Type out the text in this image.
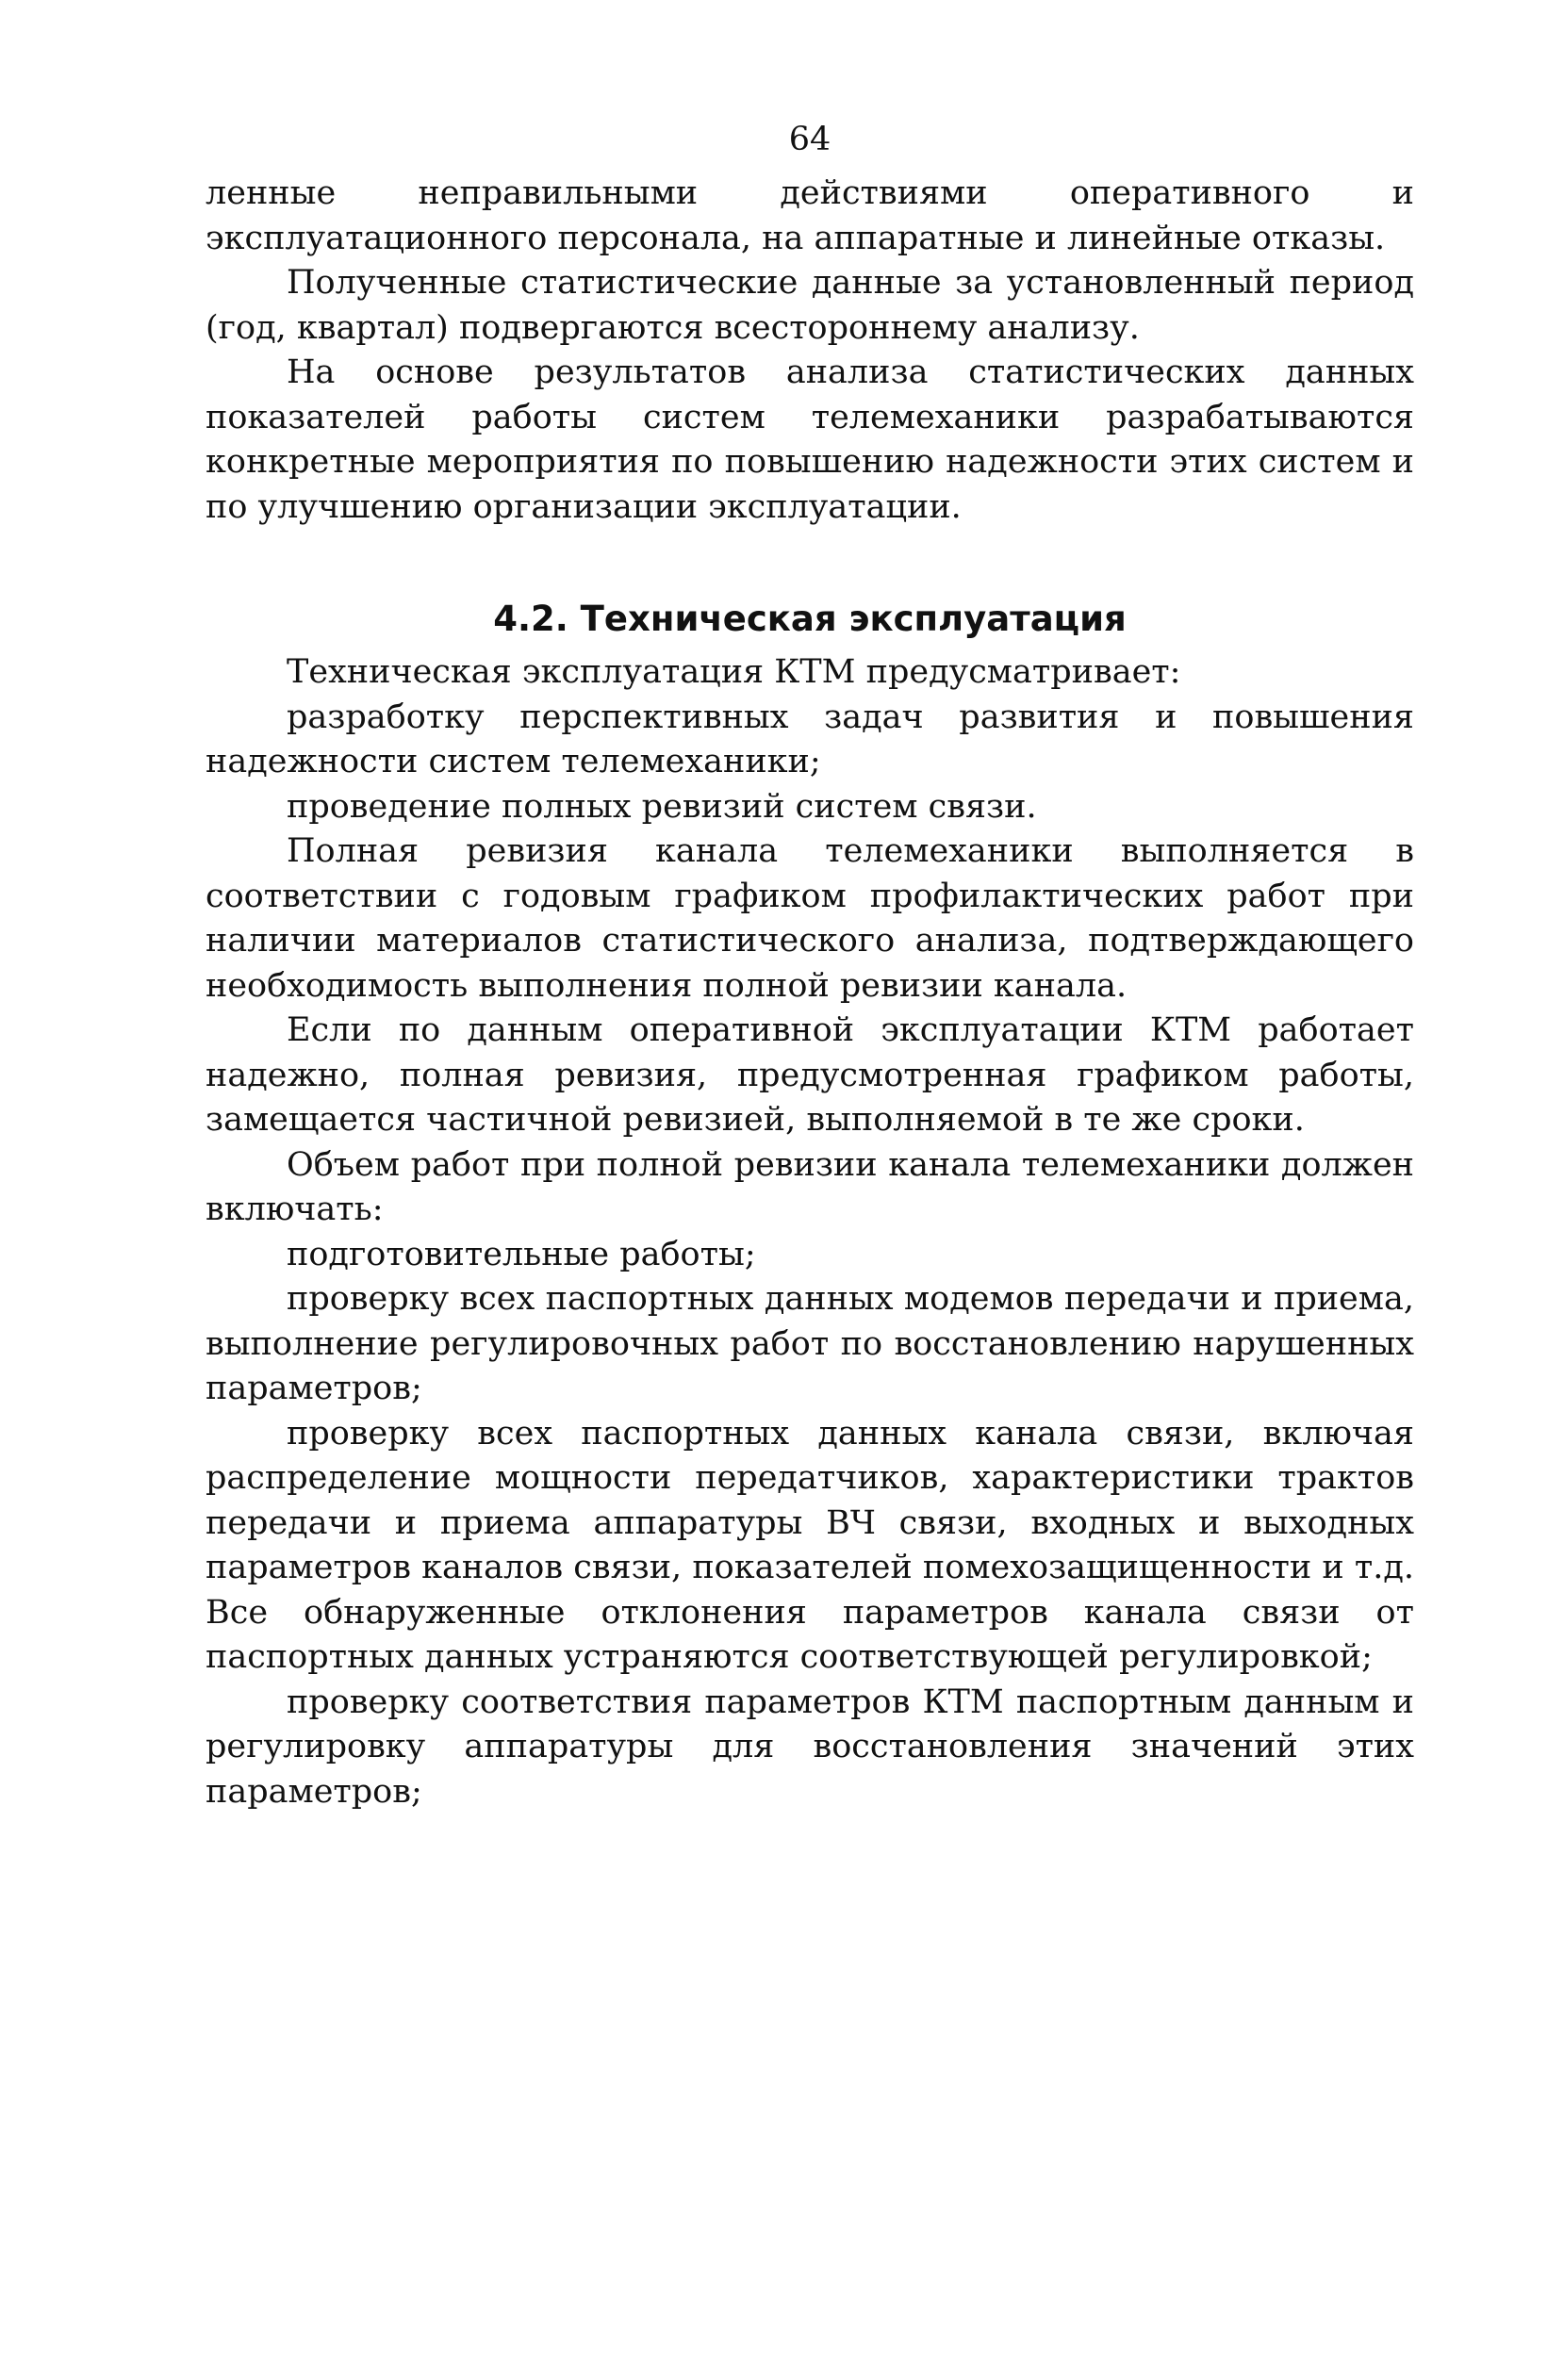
64

ленные неправильными действиями оперативного и эксплуатационного персонала, на аппаратные и линейные отказы.

Полученные статистические данные за установленный период (год, квартал) подвергаются всестороннему анализу.

На основе результатов анализа статистических данных показателей работы систем телемеханики разрабатываются конкретные мероприятия по повышению надежности этих систем и по улучшению организации эксплуатации.

4.2. Техническая эксплуатация

Техническая эксплуатация КТМ предусматривает:

разработку перспективных задач развития и повышения надежности систем телемеханики;

проведение полных ревизий систем связи.

Полная ревизия канала телемеханики выполняется в соответствии с годовым графиком профилактических работ при наличии материалов статистического анализа, подтверждающего необходимость выполнения полной ревизии канала.

Если по данным оперативной эксплуатации КТМ работает надежно, полная ревизия, предусмотренная графиком работы, замещается частичной ревизией, выполняемой в те же сроки.

Объем работ при полной ревизии канала телемеханики должен включать:

подготовительные работы;

проверку всех паспортных данных модемов передачи и приема, выполнение регулировочных работ по восстановлению нарушенных параметров;

проверку всех паспортных данных канала связи, включая распределение мощности передатчиков, характеристики трактов передачи и приема аппаратуры ВЧ связи, входных и выходных параметров каналов связи, показателей помехозащищенности и т.д. Все обнаруженные отклонения параметров канала связи от паспортных данных устраняются соответствующей регулировкой;

проверку соответствия параметров КТМ паспортным данным и регулировку аппаратуры для восстановления значений этих параметров;
